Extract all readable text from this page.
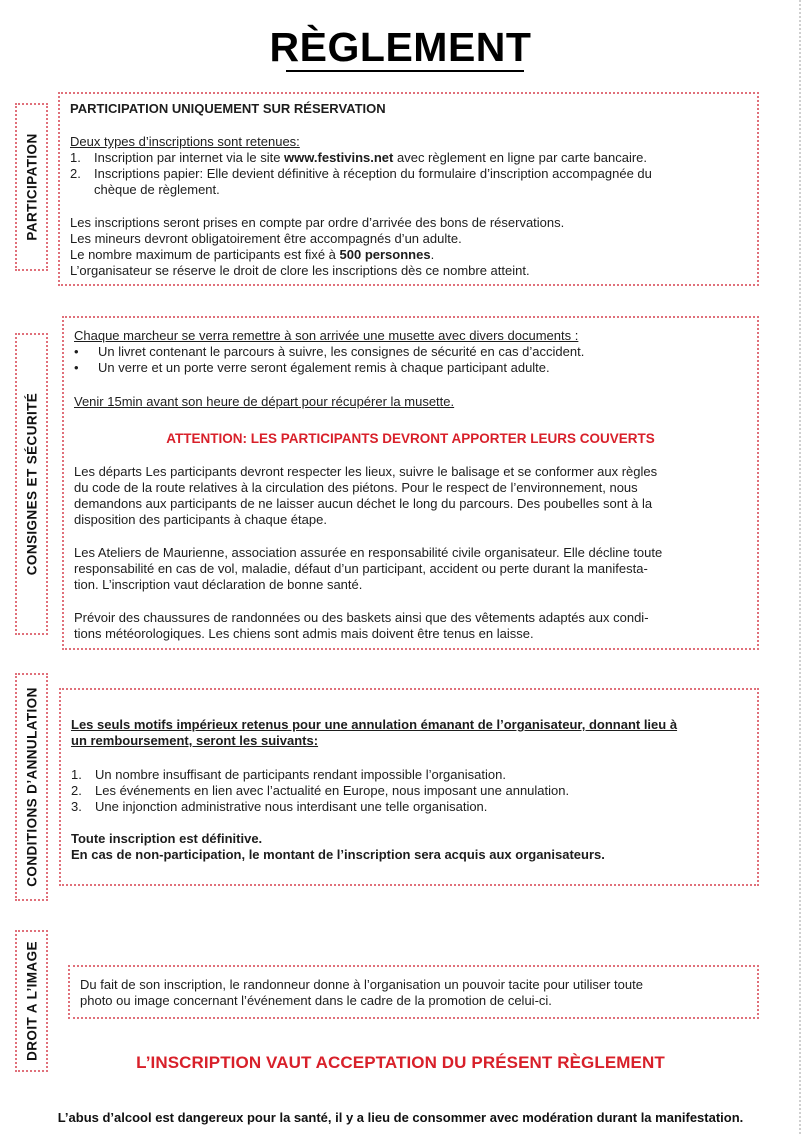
RÈGLEMENT
PARTICIPATION
PARTICIPATION UNIQUEMENT SUR RÉSERVATION
Deux types d’inscriptions sont retenues:
1. Inscription par internet via le site www.festivins.net avec règlement en ligne par carte bancaire.
2. Inscriptions papier: Elle devient définitive à réception du formulaire d’inscription accompagnée du
chèque de règlement.
Les inscriptions seront prises en compte par ordre d’arrivée des bons de réservations.
Les mineurs devront obligatoirement être accompagnés d’un adulte.
Le nombre maximum de participants est fixé à 500 personnes.
L’organisateur se réserve le droit de clore les inscriptions dès ce nombre atteint.
CONSIGNES ET SÉCURITÉ
Chaque marcheur se verra remettre à son arrivée une musette avec divers documents :
• Un livret contenant le parcours à suivre, les consignes de sécurité en cas d’accident.
• Un verre et un porte verre seront également remis à chaque participant adulte.
Venir 15min avant son heure de départ pour récupérer la musette.
ATTENTION: LES PARTICIPANTS DEVRONT APPORTER LEURS COUVERTS
Les départs Les participants devront respecter les lieux, suivre le balisage et se conformer aux règles
du code de la route relatives à la circulation des piétons. Pour le respect de l’environnement, nous
demandons aux participants de ne laisser aucun déchet le long du parcours. Des poubelles sont à la
disposition des participants à chaque étape.
Les Ateliers de Maurienne, association assurée en responsabilité civile organisateur. Elle décline toute
responsabilité en cas de vol, maladie, défaut d’un participant, accident ou perte durant la manifesta-
tion. L’inscription vaut déclaration de bonne santé.
Prévoir des chaussures de randonnées ou des baskets ainsi que des vêtements adaptés aux condi-
tions météorologiques. Les chiens sont admis mais doivent être tenus en laisse.
CONDITIONS D’ANNULATION Les seuls motifs impérieux retenus pour une annulation émanant de l’organisateur, donnant lieu à
un remboursement, seront les suivants:
1. Un nombre insuffisant de participants rendant impossible l’organisation.
2. Les événements en lien avec l’actualité en Europe, nous imposant une annulation.
3. Une injonction administrative nous interdisant une telle organisation.
Toute inscription est définitive.
En cas de non-participation, le montant de l’inscription sera acquis aux organisateurs.
DROIT A L’IMAGE	Du fait de son inscription, le randonneur donne à l’organisation un pouvoir tacite pour utiliser toute
photo ou image concernant l’événement dans le cadre de la promotion de celui-ci.
L’INSCRIPTION VAUT ACCEPTATION DU PRÉSENT RÈGLEMENT
L’abus d’alcool est dangereux pour la santé, il y a lieu de consommer avec modération durant la manifestation.
